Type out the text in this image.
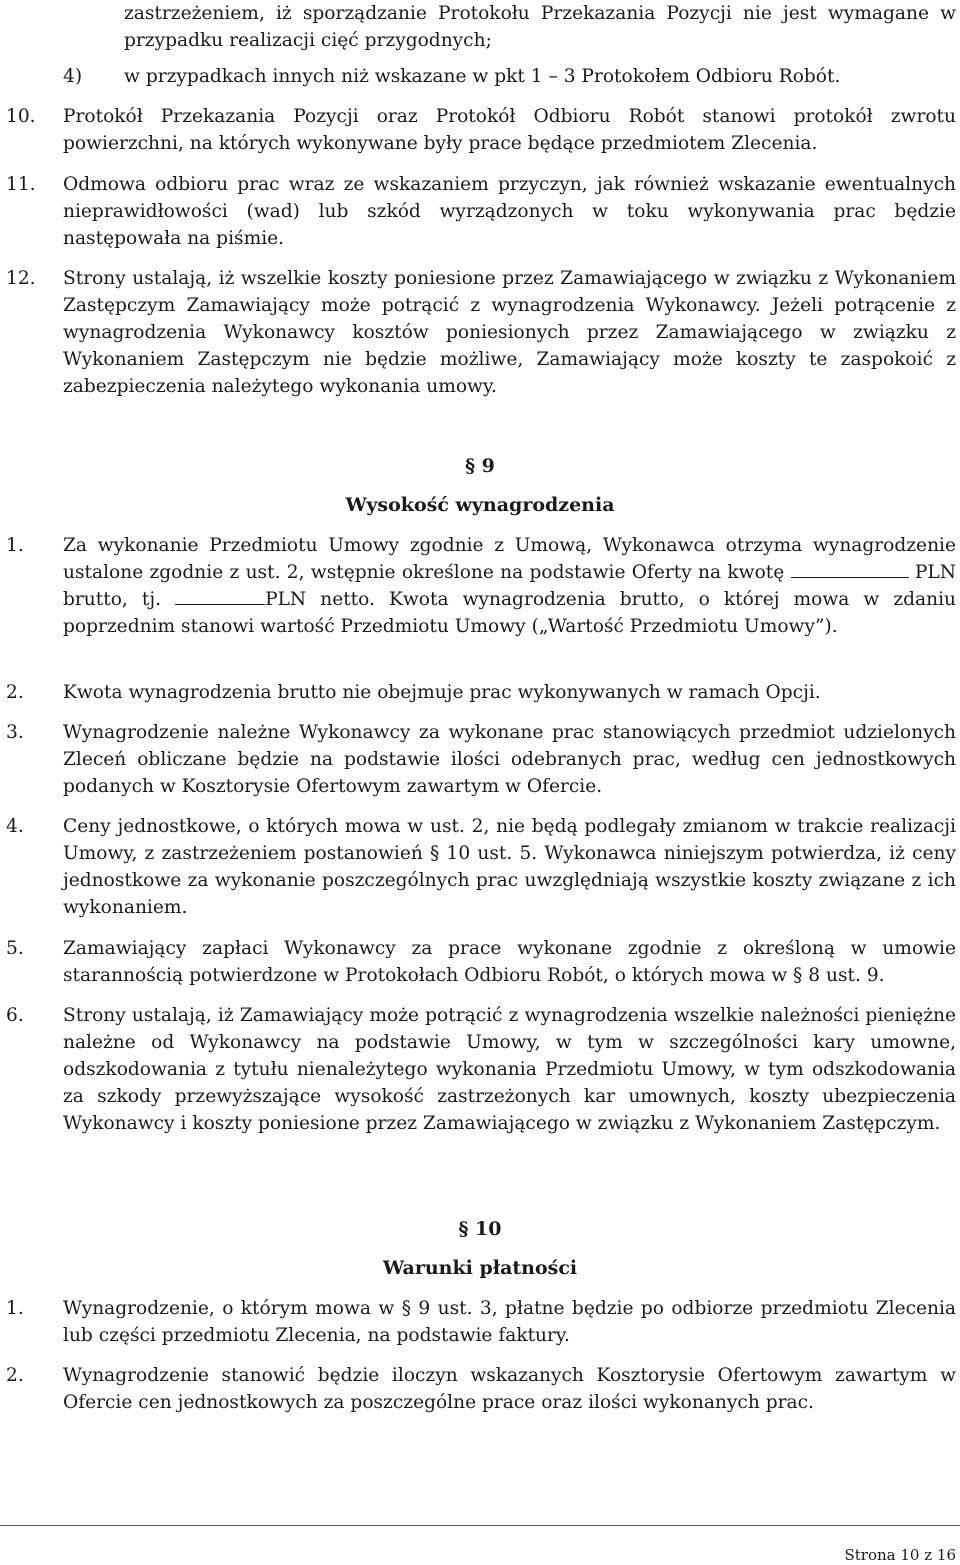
zastrzeżeniem, iż sporządzanie Protokołu Przekazania Pozycji nie jest wymagane w przypadku realizacji cięć przygodnych;
4) w przypadkach innych niż wskazane w pkt 1 – 3 Protokołem Odbioru Robót.
10. Protokół Przekazania Pozycji oraz Protokół Odbioru Robót stanowi protokół zwrotu powierzchni, na których wykonywane były prace będące przedmiotem Zlecenia.
11. Odmowa odbioru prac wraz ze wskazaniem przyczyn, jak również wskazanie ewentualnych nieprawidłowości (wad) lub szkód wyrządzonych w toku wykonywania prac będzie następowała na piśmie.
12. Strony ustalają, iż wszelkie koszty poniesione przez Zamawiającego w związku z Wykonaniem Zastępczym Zamawiający może potrącić z wynagrodzenia Wykonawcy. Jeżeli potrącenie z wynagrodzenia Wykonawcy kosztów poniesionych przez Zamawiającego w związku z Wykonaniem Zastępczym nie będzie możliwe, Zamawiający może koszty te zaspokoić z zabezpieczenia należytego wykonania umowy.
§ 9
Wysokość wynagrodzenia
1. Za wykonanie Przedmiotu Umowy zgodnie z Umową, Wykonawca otrzyma wynagrodzenie ustalone zgodnie z ust. 2, wstępnie określone na podstawie Oferty na kwotę	PLN brutto, tj.	PLN netto. Kwota wynagrodzenia brutto, o której mowa w zdaniu poprzednim stanowi wartość Przedmiotu Umowy („Wartość Przedmiotu Umowy”).
2. Kwota wynagrodzenia brutto nie obejmuje prac wykonywanych w ramach Opcji.
3. Wynagrodzenie należne Wykonawcy za wykonane prac stanowiących przedmiot udzielonych Zleceń obliczane będzie na podstawie ilości odebranych prac, według cen jednostkowych podanych w Kosztorysie Ofertowym zawartym w Ofercie.
4. Ceny jednostkowe, o których mowa w ust. 2, nie będą podlegały zmianom w trakcie realizacji Umowy, z zastrzeżeniem postanowień § 10 ust. 5. Wykonawca niniejszym potwierdza, iż ceny jednostkowe za wykonanie poszczególnych prac uwzględniają wszystkie koszty związane z ich wykonaniem.
5. Zamawiający zapłaci Wykonawcy za prace wykonane zgodnie z określoną w umowie starannością potwierdzone w Protokołach Odbioru Robót, o których mowa w § 8 ust. 9.
6. Strony ustalają, iż Zamawiający może potrącić z wynagrodzenia wszelkie należności pieniężne należne od Wykonawcy na podstawie Umowy, w tym w szczególności kary umowne, odszkodowania z tytułu nienależytego wykonania Przedmiotu Umowy, w tym odszkodowania za szkody przewyższające wysokość zastrzeżonych kar umownych, koszty ubezpieczenia Wykonawcy i koszty poniesione przez Zamawiającego w związku z Wykonaniem Zastępczym.
§ 10
Warunki płatności
1. Wynagrodzenie, o którym mowa w § 9 ust. 3, płatne będzie po odbiorze przedmiotu Zlecenia lub części przedmiotu Zlecenia, na podstawie faktury.
2. Wynagrodzenie stanowić będzie iloczyn wskazanych Kosztorysie Ofertowym zawartym w Ofercie cen jednostkowych za poszczególne prace oraz ilości wykonanych prac.
Strona 10 z 16
